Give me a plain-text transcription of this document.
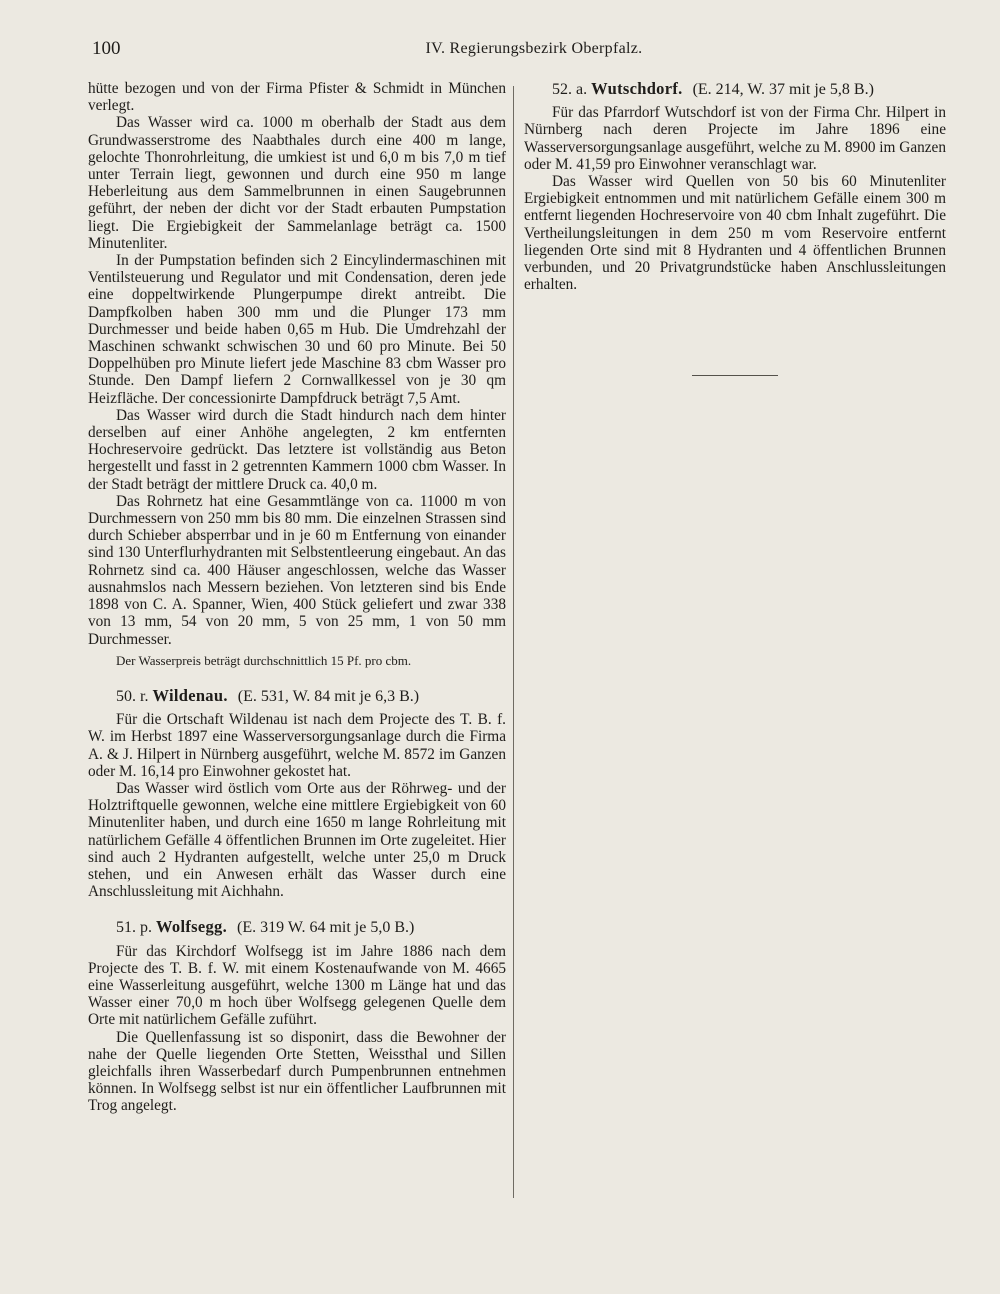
100	IV. Regierungsbezirk Oberpfalz.

hütte bezogen und von der Firma Pfister & Schmidt in München verlegt.

Das Wasser wird ca. 1000 m oberhalb der Stadt aus dem Grundwasserstrome des Naabthales durch eine 400 m lange, gelochte Thonrohrleitung, die umkiest ist und 6,0 m bis 7,0 m tief unter Terrain liegt, gewonnen und durch eine 950 m lange Heberleitung aus dem Sammelbrunnen in einen Saugebrunnen geführt, der neben der dicht vor der Stadt erbauten Pumpstation liegt. Die Ergiebigkeit der Sammelanlage beträgt ca. 1500 Minutenliter.

In der Pumpstation befinden sich 2 Eincylindermaschinen mit Ventilsteuerung und Regulator und mit Condensation, deren jede eine doppeltwirkende Plungerpumpe direkt antreibt. Die Dampfkolben haben 300 mm und die Plunger 173 mm Durchmesser und beide haben 0,65 m Hub. Die Umdrehzahl der Maschinen schwankt schwischen 30 und 60 pro Minute. Bei 50 Doppelhüben pro Minute liefert jede Maschine 83 cbm Wasser pro Stunde. Den Dampf liefern 2 Cornwallkessel von je 30 qm Heizfläche. Der concessionirte Dampfdruck beträgt 7,5 Amt.

Das Wasser wird durch die Stadt hindurch nach dem hinter derselben auf einer Anhöhe angelegten, 2 km entfernten Hochreservoire gedrückt. Das letztere ist vollständig aus Beton hergestellt und fasst in 2 getrennten Kammern 1000 cbm Wasser. In der Stadt beträgt der mittlere Druck ca. 40,0 m.

Das Rohrnetz hat eine Gesammtlänge von ca. 11000 m von Durchmessern von 250 mm bis 80 mm. Die einzelnen Strassen sind durch Schieber absperrbar und in je 60 m Entfernung von einander sind 130 Unterflurhydranten mit Selbstentleerung eingebaut. An das Rohrnetz sind ca. 400 Häuser angeschlossen, welche das Wasser ausnahmslos nach Messern beziehen. Von letzteren sind bis Ende 1898 von C. A. Spanner, Wien, 400 Stück geliefert und zwar 338 von 13 mm, 54 von 20 mm, 5 von 25 mm, 1 von 50 mm Durchmesser.

Der Wasserpreis beträgt durchschnittlich 15 Pf. pro cbm.

50. r. Wildenau. (E. 531, W. 84 mit je 6,3 B.)

Für die Ortschaft Wildenau ist nach dem Projecte des T. B. f. W. im Herbst 1897 eine Wasserversorgungsanlage durch die Firma A. & J. Hilpert in Nürnberg ausgeführt, welche M. 8572 im Ganzen oder M. 16,14 pro Einwohner gekostet hat.

Das Wasser wird östlich vom Orte aus der Röhrweg- und der Holztriftquelle gewonnen, welche eine mittlere Ergiebigkeit von 60 Minutenliter haben, und durch eine 1650 m lange Rohrleitung mit natürlichem Gefälle 4 öffentlichen Brunnen im Orte zugeleitet. Hier sind auch 2 Hydranten aufgestellt, welche unter 25,0 m Druck stehen, und ein Anwesen erhält das Wasser durch eine Anschlussleitung mit Aichhahn.

51. p. Wolfsegg. (E. 319 W. 64 mit je 5,0 B.)

Für das Kirchdorf Wolfsegg ist im Jahre 1886 nach dem Projecte des T. B. f. W. mit einem Kostenaufwande von M. 4665 eine Wasserleitung ausgeführt, welche 1300 m Länge hat und das Wasser einer 70,0 m hoch über Wolfsegg gelegenen Quelle dem Orte mit natürlichem Gefälle zuführt.

Die Quellenfassung ist so disponirt, dass die Bewohner der nahe der Quelle liegenden Orte Stetten, Weissthal und Sillen gleichfalls ihren Wasserbedarf durch Pumpenbrunnen entnehmen können. In Wolfsegg selbst ist nur ein öffentlicher Laufbrunnen mit Trog angelegt.

52. a. Wutschdorf. (E. 214, W. 37 mit je 5,8 B.)

Für das Pfarrdorf Wutschdorf ist von der Firma Chr. Hilpert in Nürnberg nach deren Projecte im Jahre 1896 eine Wasserversorgungsanlage ausgeführt, welche zu M. 8900 im Ganzen oder M. 41,59 pro Einwohner veranschlagt war.

Das Wasser wird Quellen von 50 bis 60 Minutenliter Ergiebigkeit entnommen und mit natürlichem Gefälle einem 300 m entfernt liegenden Hochreservoire von 40 cbm Inhalt zugeführt. Die Vertheilungsleitungen in dem 250 m vom Reservoire entfernt liegenden Orte sind mit 8 Hydranten und 4 öffentlichen Brunnen verbunden, und 20 Privatgrundstücke haben Anschlussleitungen erhalten.
